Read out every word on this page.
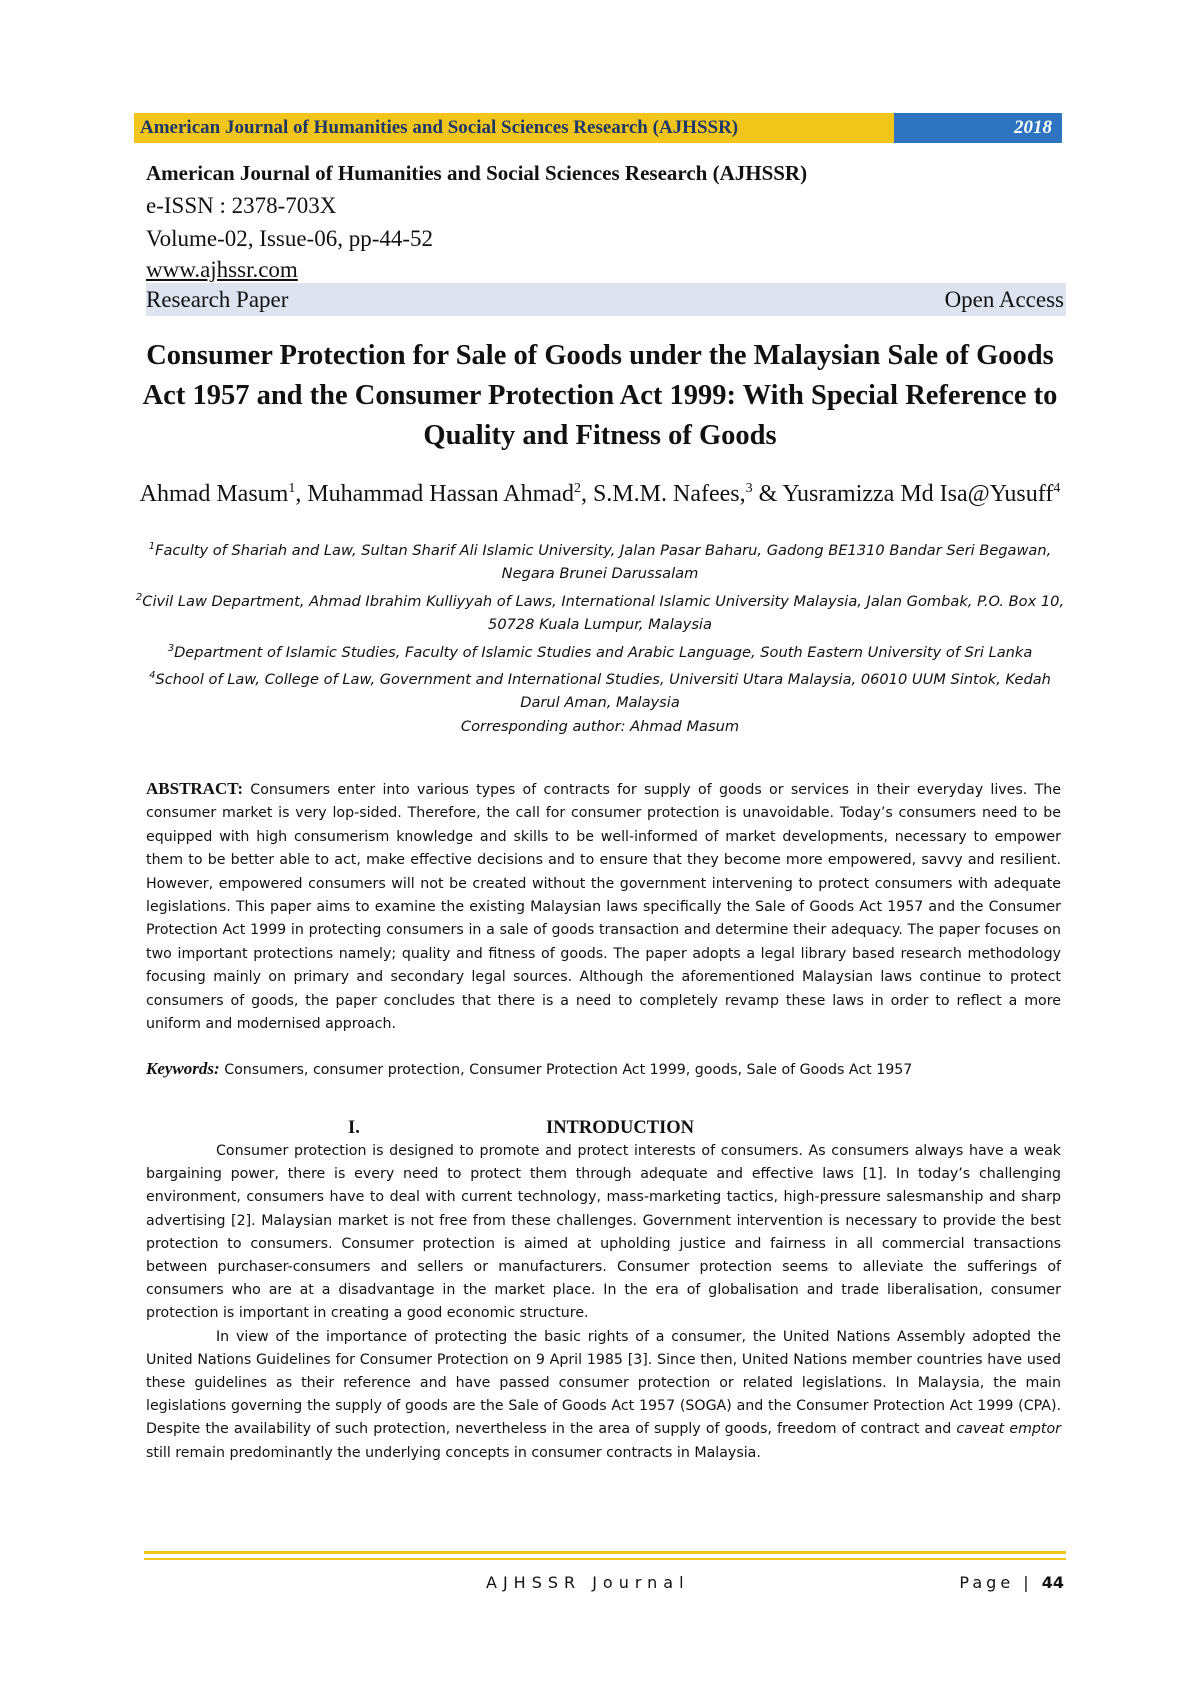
American Journal of Humanities and Social Sciences Research (AJHSSR)	2018
American Journal of Humanities and Social Sciences Research (AJHSSR)
e-ISSN : 2378-703X
Volume-02, Issue-06, pp-44-52
www.ajhssr.com
Research Paper	Open Access
Consumer Protection for Sale of Goods under the Malaysian Sale of Goods Act 1957 and the Consumer Protection Act 1999: With Special Reference to Quality and Fitness of Goods
Ahmad Masum$^1$, Muhammad Hassan Ahmad$^2$, S.M.M. Nafees,$^3$ & Yusramizza Md Isa@Yusuff$^4$
$^1$Faculty of Shariah and Law, Sultan Sharif Ali Islamic University, Jalan Pasar Baharu, Gadong BE1310 Bandar Seri Begawan, Negara Brunei Darussalam
$^2$Civil Law Department, Ahmad Ibrahim Kulliyyah of Laws, International Islamic University Malaysia, Jalan Gombak, P.O. Box 10, 50728 Kuala Lumpur, Malaysia
$^3$Department of Islamic Studies, Faculty of Islamic Studies and Arabic Language, South Eastern University of Sri Lanka
$^4$School of Law, College of Law, Government and International Studies, Universiti Utara Malaysia, 06010 UUM Sintok, Kedah Darul Aman, Malaysia
Corresponding author: Ahmad Masum
ABSTRACT: Consumers enter into various types of contracts for supply of goods or services in their everyday lives. The consumer market is very lop-sided. Therefore, the call for consumer protection is unavoidable. Today’s consumers need to be equipped with high consumerism knowledge and skills to be well-informed of market developments, necessary to empower them to be better able to act, make effective decisions and to ensure that they become more empowered, savvy and resilient. However, empowered consumers will not be created without the government intervening to protect consumers with adequate legislations. This paper aims to examine the existing Malaysian laws specifically the Sale of Goods Act 1957 and the Consumer Protection Act 1999 in protecting consumers in a sale of goods transaction and determine their adequacy. The paper focuses on two important protections namely; quality and fitness of goods. The paper adopts a legal library based research methodology focusing mainly on primary and secondary legal sources. Although the aforementioned Malaysian laws continue to protect consumers of goods, the paper concludes that there is a need to completely revamp these laws in order to reflect a more uniform and modernised approach.
Keywords: Consumers, consumer protection, Consumer Protection Act 1999, goods, Sale of Goods Act 1957
I.	INTRODUCTION

Consumer protection is designed to promote and protect interests of consumers. As consumers always have a weak bargaining power, there is every need to protect them through adequate and effective laws [1]. In today’s challenging environment, consumers have to deal with current technology, mass-marketing tactics, high-pressure salesmanship and sharp advertising [2]. Malaysian market is not free from these challenges. Government intervention is necessary to provide the best protection to consumers. Consumer protection is aimed at upholding justice and fairness in all commercial transactions between purchaser-consumers and sellers or manufacturers. Consumer protection seems to alleviate the sufferings of consumers who are at a disadvantage in the market place. In the era of globalisation and trade liberalisation, consumer protection is important in creating a good economic structure.

In view of the importance of protecting the basic rights of a consumer, the United Nations Assembly adopted the United Nations Guidelines for Consumer Protection on 9 April 1985 [3]. Since then, United Nations member countries have used these guidelines as their reference and have passed consumer protection or related legislations. In Malaysia, the main legislations governing the supply of goods are the Sale of Goods Act 1957 (SOGA) and the Consumer Protection Act 1999 (CPA). Despite the availability of such protection, nevertheless in the area of supply of goods, freedom of contract and caveat emptor still remain predominantly the underlying concepts in consumer contracts in Malaysia.

AJHSSR Journal	Page | 44
